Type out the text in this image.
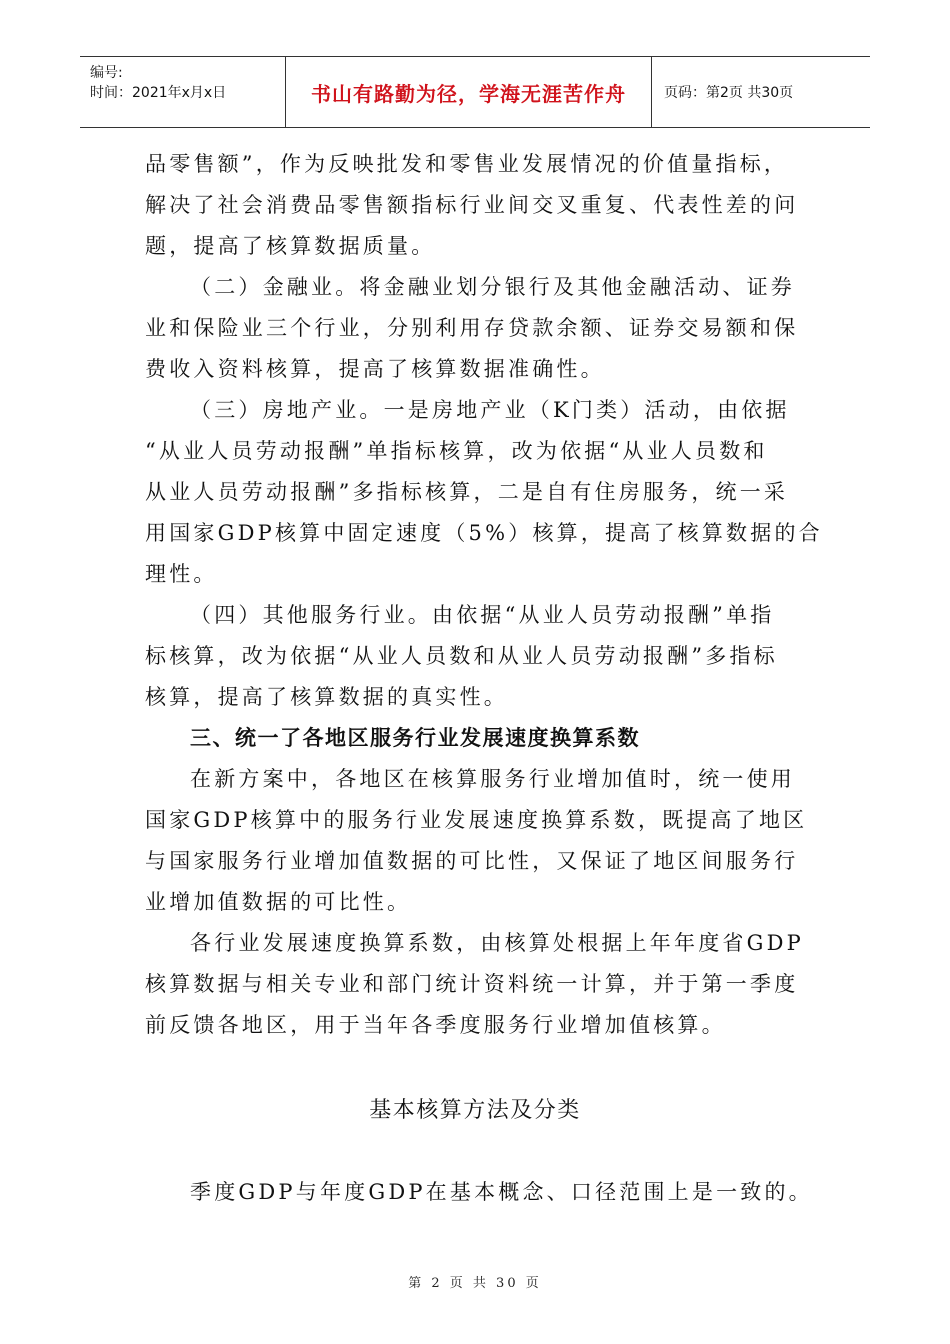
编号:
时间：2021年x月x日	书山有路勤为径，学海无涯苦作舟	页码：第2页 共30页
品零售额”，作为反映批发和零售业发展情况的价值量指标，
解决了社会消费品零售额指标行业间交叉重复、代表性差的问
题，提高了核算数据质量。
（二）金融业。将金融业划分银行及其他金融活动、证券
业和保险业三个行业，分别利用存贷款余额、证券交易额和保
费收入资料核算，提高了核算数据准确性。
（三）房地产业。一是房地产业（K门类）活动，由依据
“从业人员劳动报酬”单指标核算，改为依据“从业人员数和
从业人员劳动报酬”多指标核算，二是自有住房服务，统一采
用国家GDP核算中固定速度（5%）核算，提高了核算数据的合
理性。
（四）其他服务行业。由依据“从业人员劳动报酬”单指
标核算，改为依据“从业人员数和从业人员劳动报酬”多指标
核算，提高了核算数据的真实性。
三、统一了各地区服务行业发展速度换算系数
在新方案中，各地区在核算服务行业增加值时，统一使用
国家GDP核算中的服务行业发展速度换算系数，既提高了地区
与国家服务行业增加值数据的可比性，又保证了地区间服务行
业增加值数据的可比性。
各行业发展速度换算系数，由核算处根据上年年度省GDP
核算数据与相关专业和部门统计资料统一计算，并于第一季度
前反馈各地区，用于当年各季度服务行业增加值核算。
基本核算方法及分类
季度GDP与年度GDP在基本概念、口径范围上是一致的。
第 2 页 共 30 页
